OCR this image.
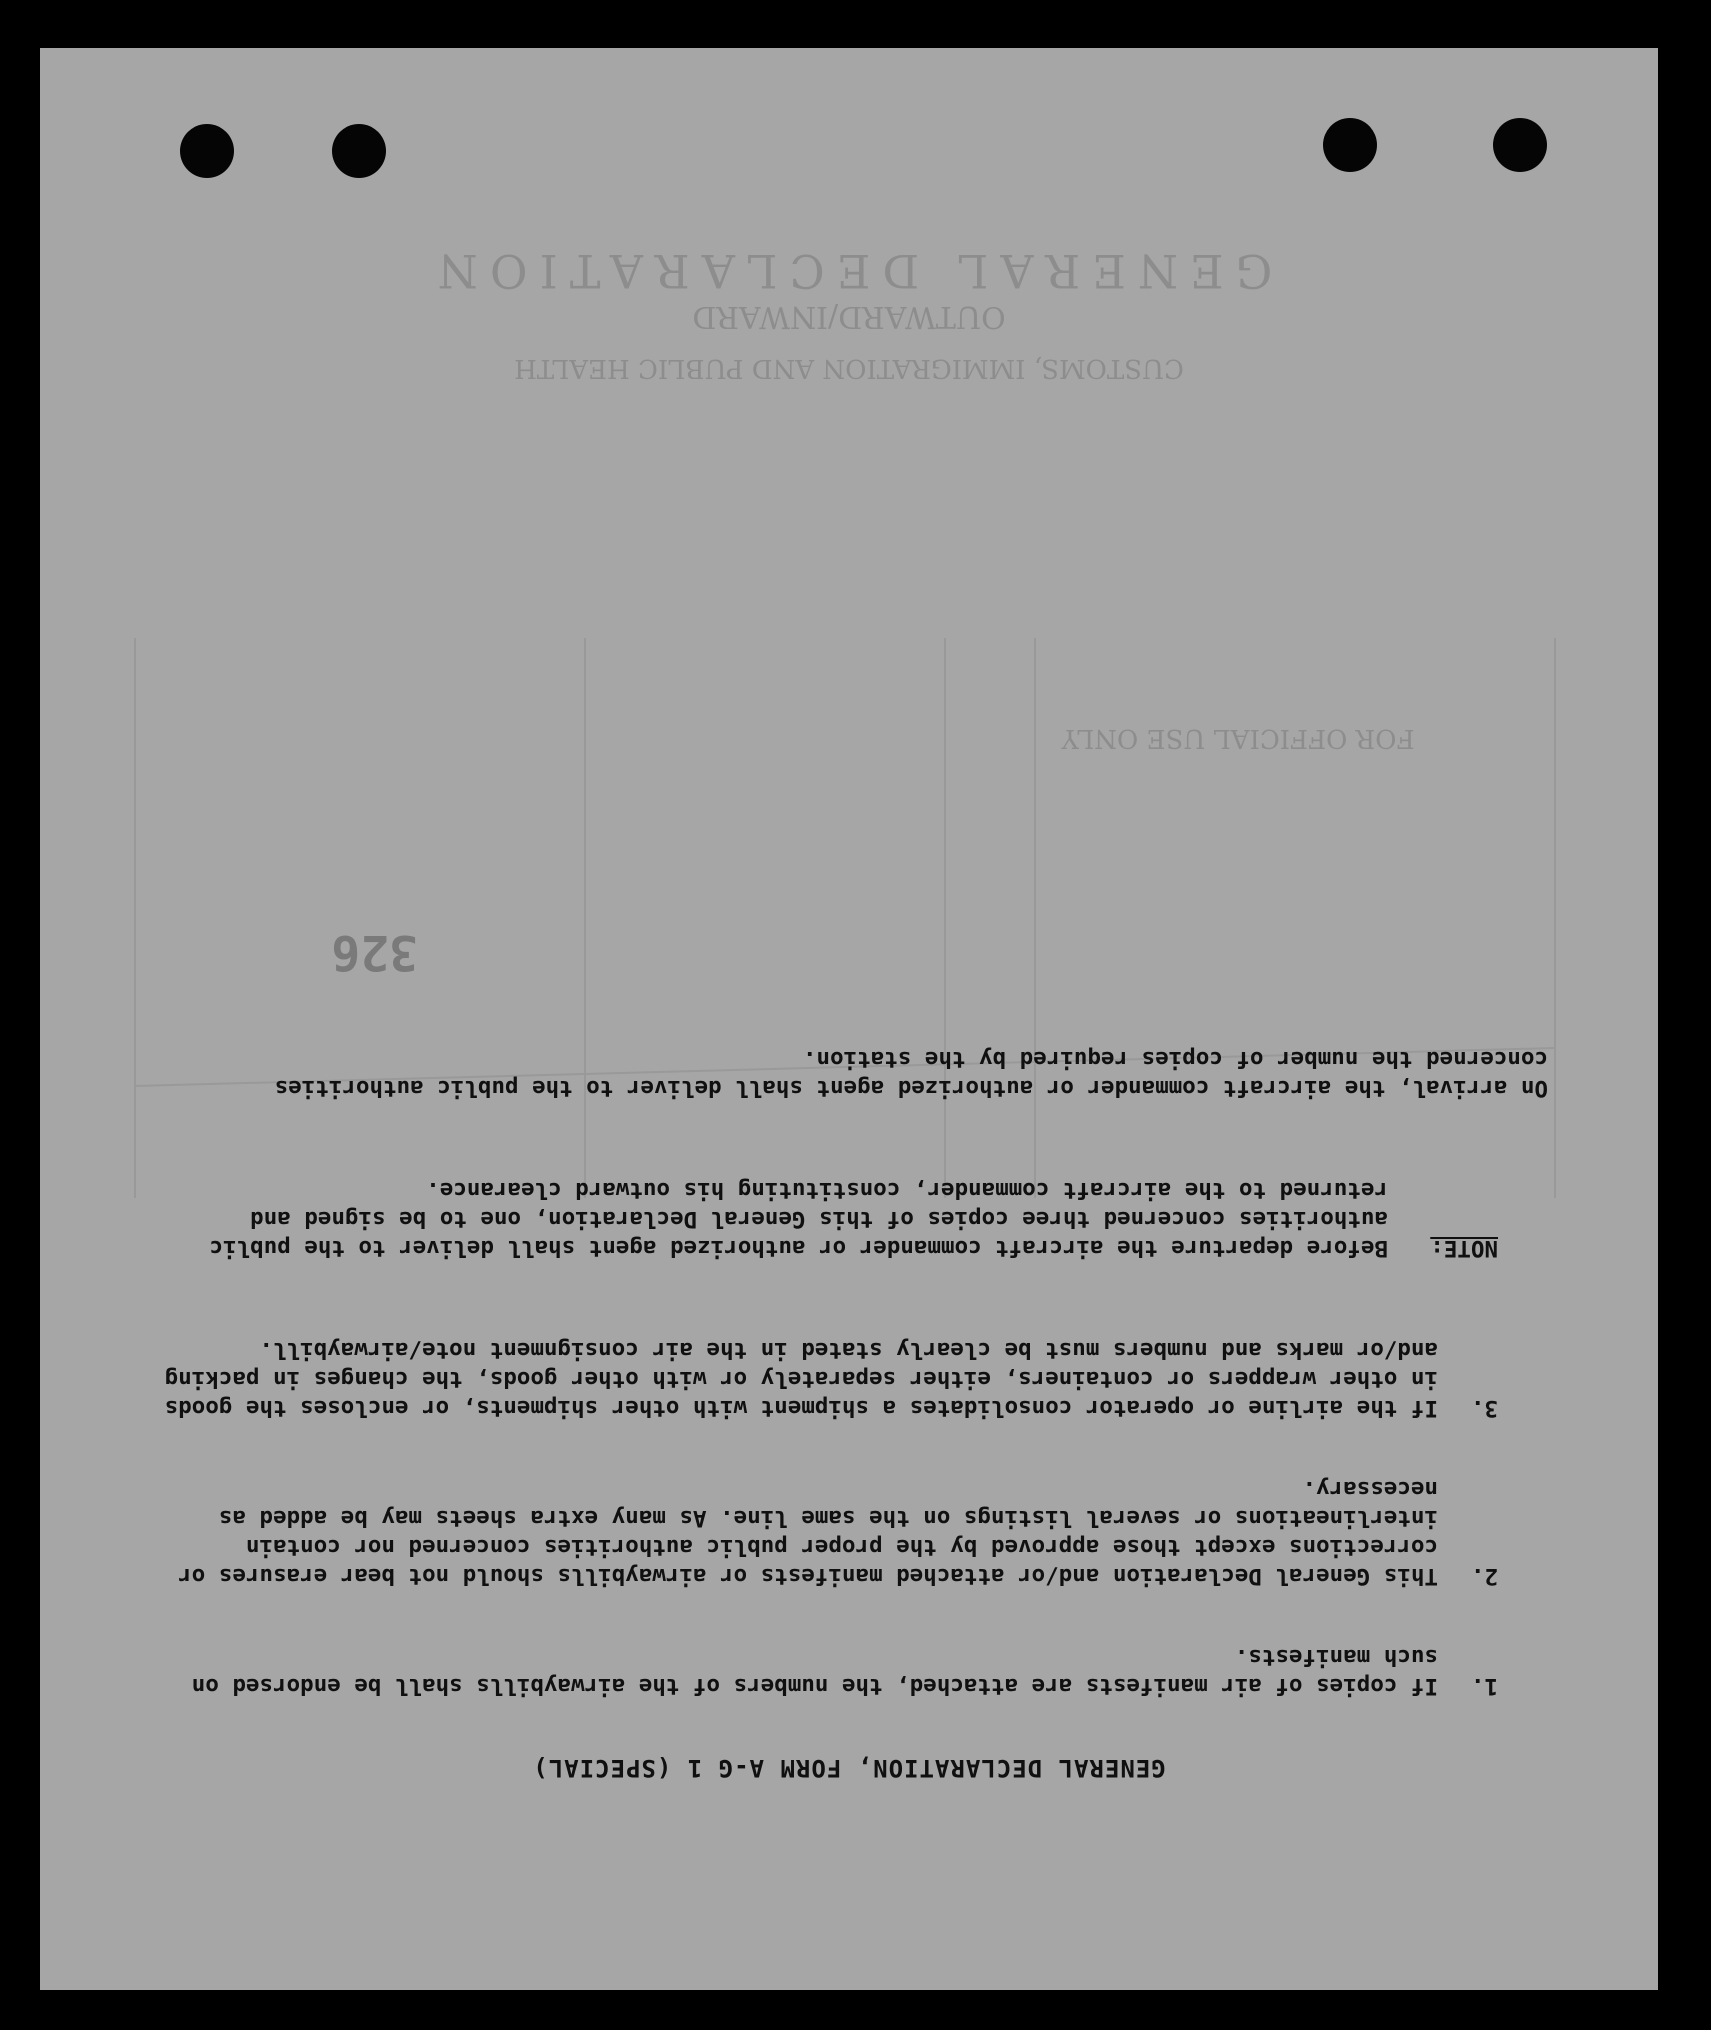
GENERAL DECLARATION
OUTWARD/INWARD
CUSTOMS, IMMIGRATION AND PUBLIC HEALTH
FOR OFFICIAL USE ONLY
GENERAL DECLARATION, FORM A-G 1 (SPECIAL)
1.
If copies of air manifests are attached, the numbers of the airwaybills shall be endorsed on such manifests.
2.
This General Declaration and/or attached manifests or airwaybills should not bear erasures or corrections except those approved by the proper public authorities concerned nor contain interlineations or several listings on the same line. As many extra sheets may be added as necessary.
3.
If the airline or operator consolidates a shipment with other shipments, or encloses the goods in other wrappers or containers, either separately or with other goods, the changes in packing and/or marks and numbers must be clearly stated in the air consignment note/airwaybill.
NOTE:
Before departure the aircraft commander or authorized agent shall deliver to the public authorities concerned three copies of this General Declaration, one to be signed and returned to the aircraft commander, constituting his outward clearance.
On arrival, the aircraft commander or authorized agent shall deliver to the public authorities concerned the number of copies required by the station.
326
